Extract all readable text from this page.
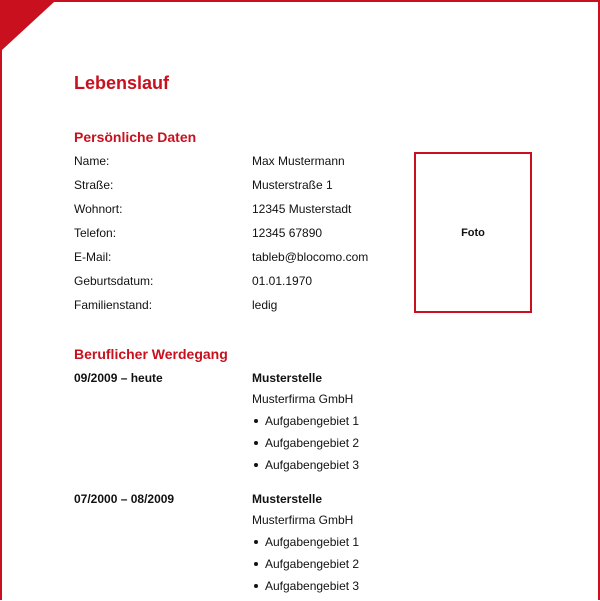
Lebenslauf
Persönliche Daten
Name:	Max Mustermann
Straße:	Musterstraße 1
Wohnort:	12345 Musterstadt
Telefon:	12345 67890
E-Mail:	tableb@blocomo.com
Geburtsdatum:	01.01.1970
Familienstand:	ledig
Foto
Beruflicher Werdegang
09/2009 – heute	Musterstelle
Musterfirma GmbH
Aufgabengebiet 1
Aufgabengebiet 2
Aufgabengebiet 3
07/2000 – 08/2009	Musterstelle
Musterfirma GmbH
Aufgabengebiet 1
Aufgabengebiet 2
Aufgabengebiet 3
